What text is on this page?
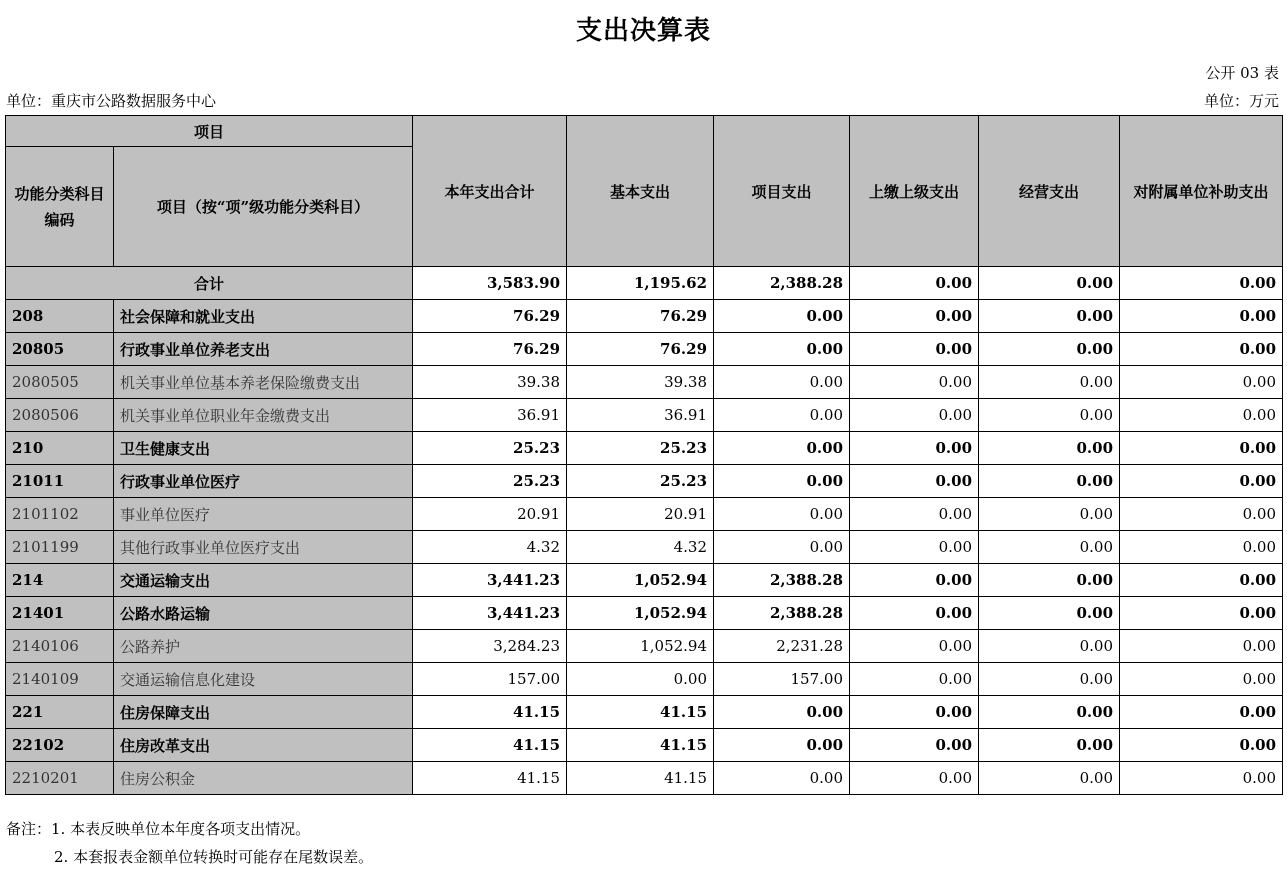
支出决算表
公开 03 表
单位：重庆市公路数据服务中心	单位：万元
项目		本年支出合计	基本支出	项目支出	上缴上级支出	经营支出	对附属单位补助支出
功能分类科目编码	项目（按“项”级功能分类科目）						
合计		3,583.90	1,195.62	2,388.28	0.00	0.00	0.00
208	社会保障和就业支出	76.29	76.29	0.00	0.00	0.00	0.00
20805	行政事业单位养老支出	76.29	76.29	0.00	0.00	0.00	0.00
2080505	机关事业单位基本养老保险缴费支出	39.38	39.38	0.00	0.00	0.00	0.00
2080506	机关事业单位职业年金缴费支出	36.91	36.91	0.00	0.00	0.00	0.00
210	卫生健康支出	25.23	25.23	0.00	0.00	0.00	0.00
21011	行政事业单位医疗	25.23	25.23	0.00	0.00	0.00	0.00
2101102	事业单位医疗	20.91	20.91	0.00	0.00	0.00	0.00
2101199	其他行政事业单位医疗支出	4.32	4.32	0.00	0.00	0.00	0.00
214	交通运输支出	3,441.23	1,052.94	2,388.28	0.00	0.00	0.00
21401	公路水路运输	3,441.23	1,052.94	2,388.28	0.00	0.00	0.00
2140106	公路养护	3,284.23	1,052.94	2,231.28	0.00	0.00	0.00
2140109	交通运输信息化建设	157.00	0.00	157.00	0.00	0.00	0.00
221	住房保障支出	41.15	41.15	0.00	0.00	0.00	0.00
22102	住房改革支出	41.15	41.15	0.00	0.00	0.00	0.00
2210201	住房公积金	41.15	41.15	0.00	0.00	0.00	0.00
备注：1. 本表反映单位本年度各项支出情况。
2. 本套报表金额单位转换时可能存在尾数误差。
